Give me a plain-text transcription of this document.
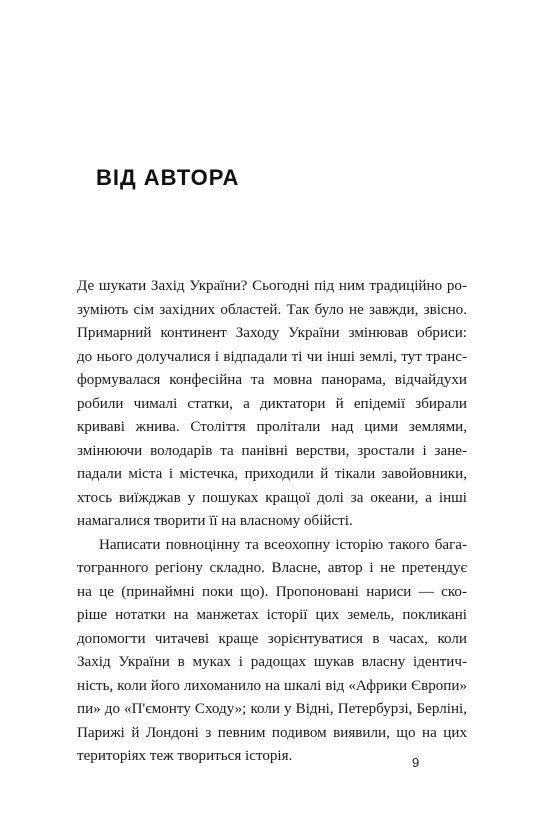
ВІД АВТОРА
Де шукати Захід України? Сьогодні під ним традиційно ро-
зуміють сім західних областей. Так було не завжди, звісно.
Примарний континент Заходу України змінював обриси:
до нього долучалися і відпадали ті чи інші землі, тут транс-
формувалася конфесійна та мовна панорама, відчайдухи
робили чималі статки, а диктатори й епідемії збирали
криваві жнива. Століття пролітали над цими землями,
змінюючи володарів та панівні верстви, зростали і зане-
падали міста і містечка, приходили й тікали завойовники,
хтось виїжджав у пошуках кращої долі за океани, а інші
намагалися творити її на власному обійсті.
Написати повноцінну та всеохопну історію такого бага-
тогранного регіону складно. Власне, автор і не претендує
на це (принаймні поки що). Пропоновані нариси — ско-
ріше нотатки на манжетах історії цих земель, покликані
допомогти читачеві краще зорієнтуватися в часах, коли
Захід України в муках і радощах шукав власну ідентич-
ність, коли його лихоманило на шкалі від «Африки Європи»
пи» до «П'ємонту Сходу»; коли у Відні, Петербурзі, Берліні,
Парижі й Лондоні з певним подивом виявили, що на цих
територіях теж твориться історія.	9
